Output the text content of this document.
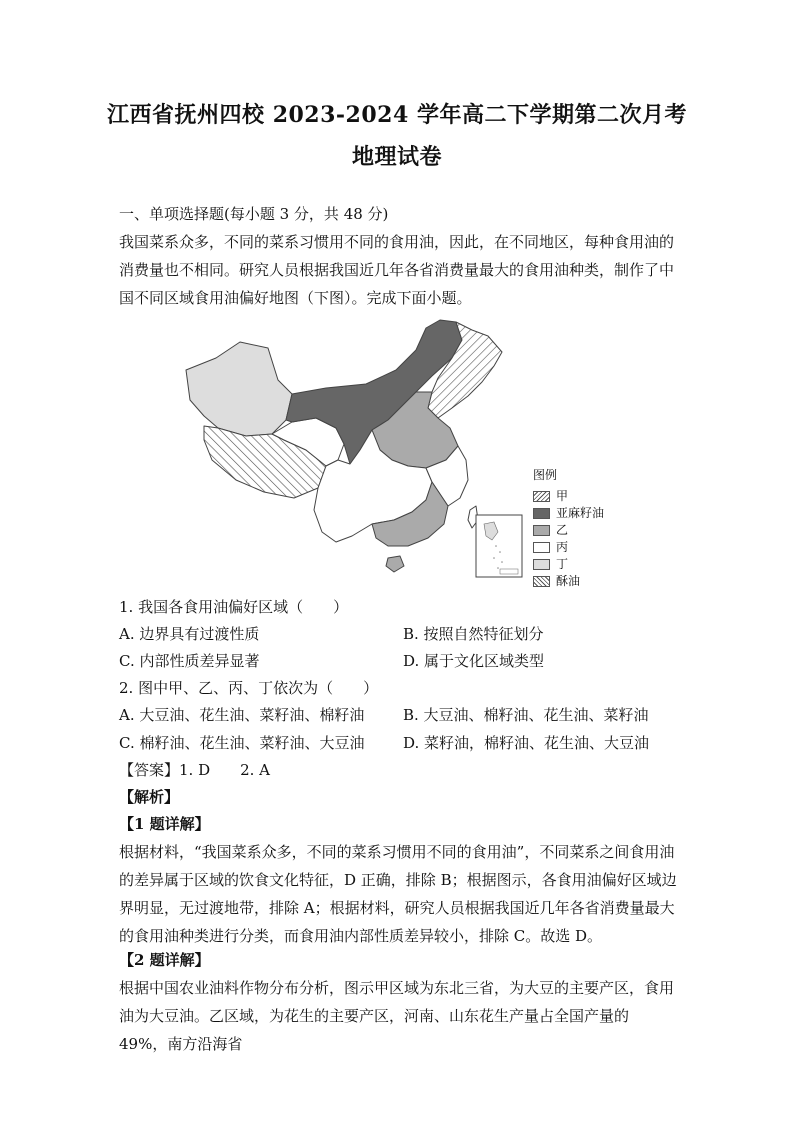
江西省抚州四校 2023-2024 学年高二下学期第二次月考
地理试卷

一、单项选择题(每小题 3 分，共 48 分)

我国菜系众多，不同的菜系习惯用不同的食用油，因此，在不同地区，每种食用油的消费量也不相同。研究人员根据我国近几年各省消费量最大的食用油种类，制作了中国不同区域食用油偏好地图（下图）。完成下面小题。

图例
甲
亚麻籽油
乙
丙
丁
酥油
1. 我国各食用油偏好区域（　　）
A. 边界具有过渡性质	B. 按照自然特征划分
C. 内部性质差异显著	D. 属于文化区域类型
2. 图中甲、乙、丙、丁依次为（　　）
A. 大豆油、花生油、菜籽油、棉籽油	B. 大豆油、棉籽油、花生油、菜籽油
C. 棉籽油、花生油、菜籽油、大豆油	D. 菜籽油，棉籽油、花生油、大豆油
【答案】1. D　　2. A
【解析】
【1 题详解】

根据材料，“我国菜系众多，不同的菜系习惯用不同的食用油”，不同菜系之间食用油的差异属于区域的饮食文化特征，D 正确，排除 B；根据图示，各食用油偏好区域边界明显，无过渡地带，排除 A；根据材料，研究人员根据我国近几年各省消费量最大的食用油种类进行分类，而食用油内部性质差异较小，排除 C。故选 D。

【2 题详解】

根据中国农业油料作物分布分析，图示甲区域为东北三省，为大豆的主要产区，食用油为大豆油。乙区域，为花生的主要产区，河南、山东花生产量占全国产量的 49%，南方沿海省
